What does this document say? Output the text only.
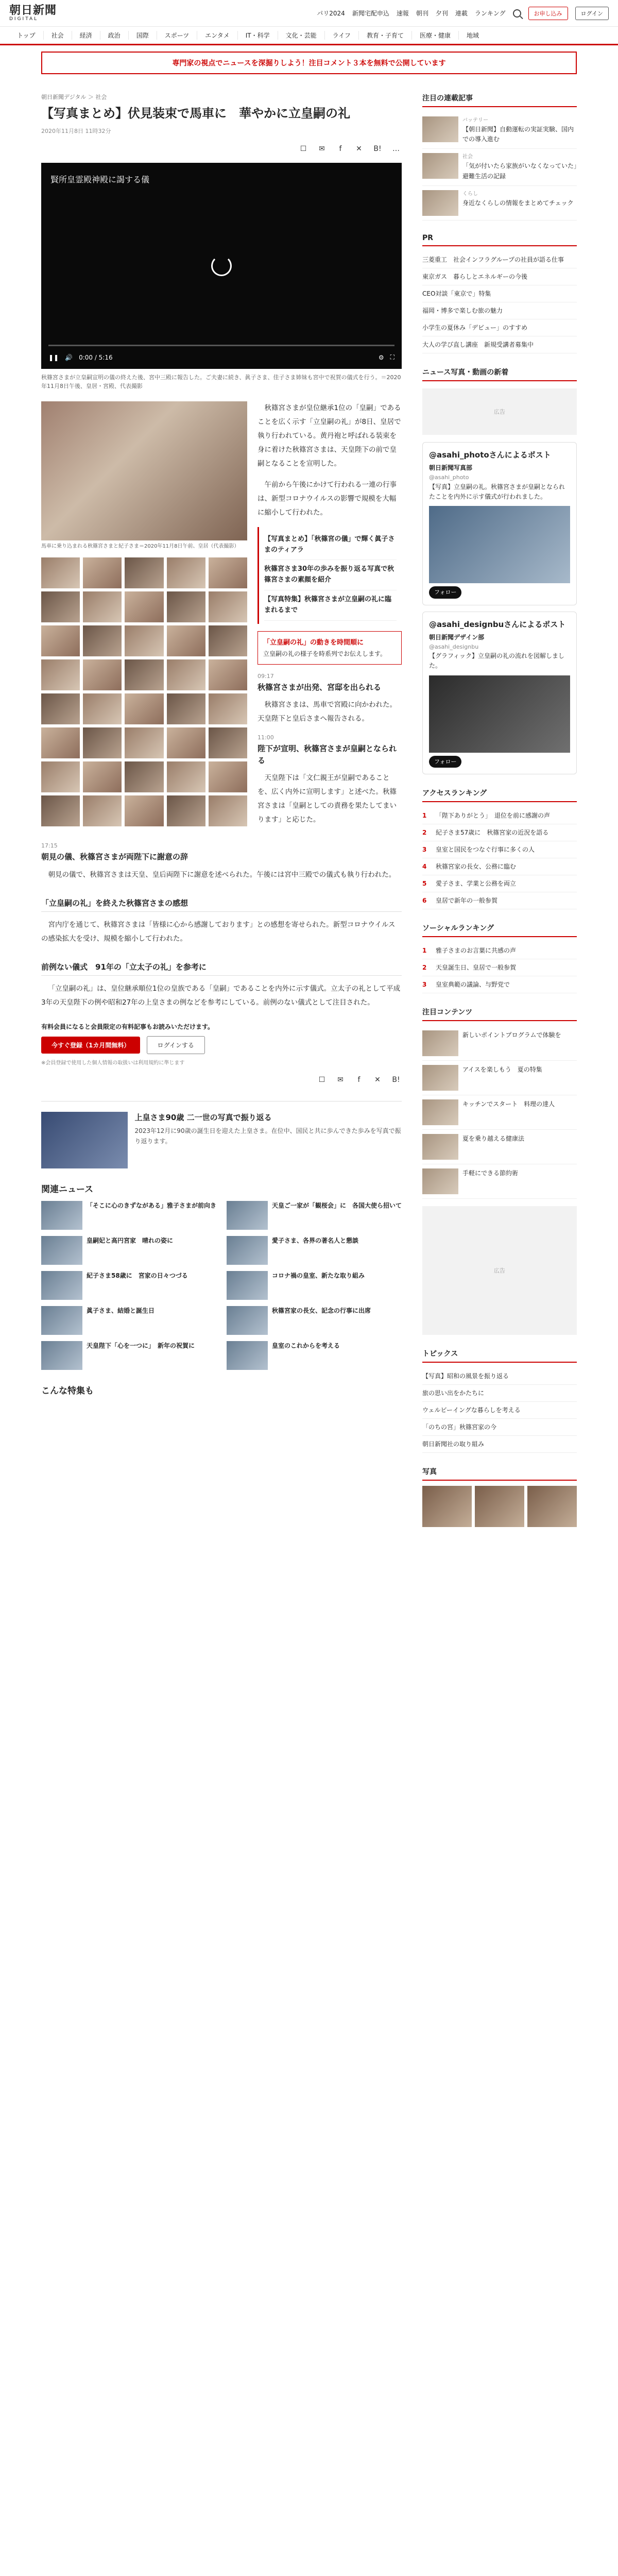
朝日新聞
DIGITAL
パリ2024 新聞宅配申込 速報 朝刊 夕刊 連載 ランキング	お申し込み	ログイン
トップ	社会	経済	政治	国際	スポーツ	エンタメ	IT・科学	文化・芸能	ライフ	教育・子育て	医療・健康	地域
専門家の視点でニュースを深掘りしよう！注目コメント３本を無料で公開しています
朝日新聞デジタル ＞ 社会
【写真まとめ】伏見装束で馬車に　華やかに立皇嗣の礼
2020年11月8日 11時32分
☐	✉	f	✕	B! …
賢所皇霊殿神殿に謁する儀
❚❚ 🔊 0:00 / 5:16	⚙ ⛶
秋篠宮さまが立皇嗣宣明の儀の終えた後、宮中三殿に報告した。ご夫妻に続き、眞子さま、佳子さま姉妹も宮中で祝賀の儀式を行う。＝2020年11月8日午後、皇居・宮殿、代表撮影
馬車に乗り込まれる秋篠宮さまと紀子さま＝2020年11月8日午前、皇居（代表撮影）

秋篠宮さまが皇位継承1位の「皇嗣」であることを広く示す「立皇嗣の礼」が8日、皇居で執り行われている。黄丹袍と呼ばれる装束を身に着けた秋篠宮さまは、天皇陛下の前で皇嗣となることを宣明した。

午前から午後にかけて行われる一連の行事は、新型コロナウイルスの影響で規模を大幅に縮小して行われた。

【写真まとめ】「秋篠宮の儀」で輝く眞子さまのティアラ
秋篠宮さま30年の歩みを振り返る写真で秋篠宮さまの素顔を紹介
【写真特集】秋篠宮さまが立皇嗣の礼に臨まれるまで
「立皇嗣の礼」の動きを時間順に
立皇嗣の礼の様子を時系列でお伝えします。
09:17
秋篠宮さまが出発、宮邸を出られる

秋篠宮さまは、馬車で宮殿に向かわれた。天皇陛下と皇后さまへ報告される。

11:00
陛下が宣明、秋篠宮さまが皇嗣となられる

天皇陛下は「文仁親王が皇嗣であることを、広く内外に宣明します」と述べた。秋篠宮さまは「皇嗣としての責務を果たしてまいります」と応じた。

17:15
朝見の儀、秋篠宮さまが両陛下に謝意の辞

朝見の儀で、秋篠宮さまは天皇、皇后両陛下に謝意を述べられた。午後には宮中三殿での儀式も執り行われた。

「立皇嗣の礼」を終えた秋篠宮さまの感想

宮内庁を通じて、秋篠宮さまは「皆様に心から感謝しております」との感想を寄せられた。新型コロナウイルスの感染拡大を受け、規模を縮小して行われた。

前例ない儀式　91年の「立太子の礼」を参考に

「立皇嗣の礼」は、皇位継承順位1位の皇族である「皇嗣」であることを内外に示す儀式。立太子の礼として平成3年の天皇陛下の例や昭和27年の上皇さまの例などを参考にしている。前例のない儀式として注目された。

有料会員になると会員限定の有料記事もお読みいただけます。
今すぐ登録（1カ月間無料）	ログインする
※会員登録で使用した個人情報の取扱いは利用規約に準じます
☐	✉	f	✕	B!
上皇さま90歳 二一世の写真で振り返る
2023年12月に90歳の誕生日を迎えた上皇さま。在位中、国民と共に歩んできた歩みを写真で振り返ります。
関連ニュース
「そこに心のきずながある」雅子さまが前向き	天皇ご一家が「観桜会」に　各国大使ら招いて
皇嗣妃と高円宮家　晴れの姿に	愛子さま、各界の著名人と懇談
紀子さま58歳に　宮家の日々つづる	コロナ禍の皇室、新たな取り組み
眞子さま、結婚と誕生日	秋篠宮家の長女、記念の行事に出席
天皇陛下「心を一つに」　新年の祝賀に	皇室のこれからを考える
こんな特集も
注目の連載記事
バッテリー
【朝日新聞】自動運転の実証実験、国内での導入進む
社会
「気が付いたら家族がいなくなっていた」　避難生活の記録
くらし
身近なくらしの情報をまとめてチェック
PR
三菱重工　社会インフラグループの社員が語る仕事
東京ガス　暮らしとエネルギーの今後
CEO対談「東京で」特集
福岡・博多で楽しむ旅の魅力
小学生の夏休み「デビュー」のすすめ
大人の学び直し講座　新規受講者募集中
ニュース写真・動画の新着
広告
@asahi_photoさんによるポスト
朝日新聞写真部
@asahi_photo
【写真】立皇嗣の礼。秋篠宮さまが皇嗣となられたことを内外に示す儀式が行われました。
フォロー
@asahi_designbuさんによるポスト
朝日新聞デザイン部
@asahi_designbu
【グラフィック】立皇嗣の礼の流れを図解しました。
フォロー
アクセスランキング
1	「陛下ありがとう」　退位を前に感謝の声
2	紀子さま57歳に　秋篠宮家の近況を語る
3	皇室と国民をつなぐ行事に多くの人
4	秋篠宮家の長女、公務に臨む
5	愛子さま、学業と公務を両立
6	皇居で新年の一般参賀
ソーシャルランキング
1	雅子さまのお言葉に共感の声
2	天皇誕生日、皇居で一般参賀
3	皇室典範の議論、与野党で
注目コンテンツ
新しいポイントプログラムで体験を
アイスを楽しもう　夏の特集
キッチンでスタート　料理の達人
夏を乗り越える健康法
手軽にできる節約術
広告
トピックス
【写真】昭和の風景を振り返る
旅の思い出をかたちに
ウェルビーイングな暮らしを考える
「のちの宮」秋篠宮家の今
朝日新聞社の取り組み
写真
